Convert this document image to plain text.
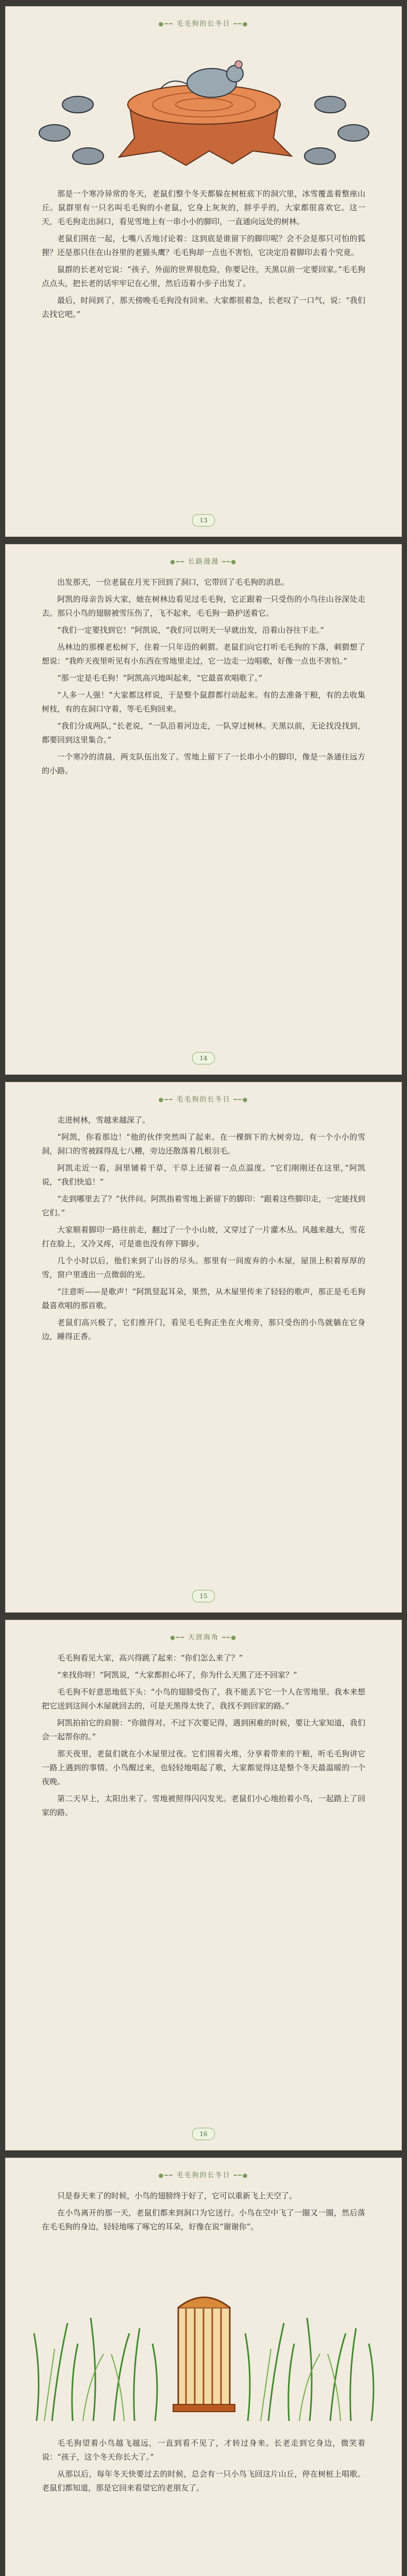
●━━ 毛毛狗的长冬日 ━━●

那是一个寒冷异常的冬天，老鼠们整个冬天都躲在树桩底下的洞穴里，冰雪覆盖着整座山丘。鼠群里有一只名叫毛毛狗的小老鼠，它身上灰灰的，胖乎乎的，大家都很喜欢它。这一天，毛毛狗走出洞口，看见雪地上有一串小小的脚印，一直通向远处的树林。

老鼠们围在一起，七嘴八舌地讨论着：这到底是谁留下的脚印呢？会不会是那只可怕的狐狸？还是那只住在山谷里的老猫头鹰？毛毛狗却一点也不害怕，它决定沿着脚印去看个究竟。

鼠群的长老对它说：“孩子，外面的世界很危险，你要记住，天黑以前一定要回家。”毛毛狗点点头，把长老的话牢牢记在心里，然后迈着小步子出发了。

最后，时间到了，那天傍晚毛毛狗没有回来。大家都很着急，长老叹了一口气，说：“我们去找它吧。”

13
●━━ 长路漫漫 ━━●

出发那天，一位老鼠在月光下回到了洞口，它带回了毛毛狗的消息。

阿凯的母亲告诉大家，她在树林边看见过毛毛狗，它正跟着一只受伤的小鸟往山谷深处走去。那只小鸟的翅膀被雪压伤了，飞不起来，毛毛狗一路护送着它。

“我们一定要找到它！”阿凯说，“我们可以明天一早就出发，沿着山谷往下走。”

丛林边的那棵老松树下，住着一只年迈的刺猬。老鼠们向它打听毛毛狗的下落，刺猬想了想说：“我昨天夜里听见有小东西在雪地里走过，它一边走一边唱歌，好像一点也不害怕。”

“那一定是毛毛狗！”阿凯高兴地叫起来，“它最喜欢唱歌了。”

“人多一人强！”大家都这样说，于是整个鼠群都行动起来。有的去准备干粮，有的去收集树枝，有的在洞口守着，等毛毛狗回来。

“我们分成两队，”长老说，“一队沿着河边走，一队穿过树林。天黑以前，无论找没找到，都要回到这里集合。”

一个寒冷的清晨，两支队伍出发了。雪地上留下了一长串小小的脚印，像是一条通往远方的小路。

14
●━━ 毛毛狗的长冬日 ━━●

走进树林，雪越来越深了。

“阿凯，你看那边！”他的伙伴突然叫了起来。在一棵倒下的大树旁边，有一个小小的雪洞，洞口的雪被踩得乱七八糟，旁边还散落着几根羽毛。

阿凯走近一看，洞里铺着干草，干草上还留着一点点温度。“它们刚刚还在这里，”阿凯说，“我们快追！”

“走到哪里去了？”伙伴问。阿凯指着雪地上新留下的脚印：“跟着这些脚印走，一定能找到它们。”

大家顺着脚印一路往前走，翻过了一个小山坡，又穿过了一片灌木丛。风越来越大，雪花打在脸上，又冷又疼，可是谁也没有停下脚步。

几个小时以后，他们来到了山谷的尽头。那里有一间废弃的小木屋，屋顶上积着厚厚的雪，窗户里透出一点微弱的光。

“注意听——是歌声！”阿凯竖起耳朵，果然，从木屋里传来了轻轻的歌声，那正是毛毛狗最喜欢唱的那首歌。

老鼠们高兴极了，它们推开门，看见毛毛狗正坐在火堆旁，那只受伤的小鸟就躺在它身边，睡得正香。

15
●━━ 天涯海角 ━━●

毛毛狗看见大家，高兴得跳了起来：“你们怎么来了？”

“来找你呀！”阿凯说，“大家都担心坏了，你为什么天黑了还不回家？”

毛毛狗不好意思地低下头：“小鸟的翅膀受伤了，我不能丢下它一个人在雪地里。我本来想把它送到这间小木屋就回去的，可是天黑得太快了，我找不到回家的路。”

阿凯拍拍它的肩膀：“你做得对。不过下次要记得，遇到困难的时候，要让大家知道，我们会一起帮你的。”

那天夜里，老鼠们就在小木屋里过夜。它们围着火堆，分享着带来的干粮，听毛毛狗讲它一路上遇到的事情。小鸟醒过来，也轻轻地唱起了歌，大家都觉得这是整个冬天最温暖的一个夜晚。

第二天早上，太阳出来了。雪地被照得闪闪发光。老鼠们小心地抬着小鸟，一起踏上了回家的路。

16
●━━ 毛毛狗的长冬日 ━━●

只是春天来了的时候，小鸟的翅膀终于好了，它可以重新飞上天空了。

在小鸟离开的那一天，老鼠们都来到洞口为它送行。小鸟在空中飞了一圈又一圈，然后落在毛毛狗的身边，轻轻地啄了啄它的耳朵，好像在说“谢谢你”。

毛毛狗望着小鸟越飞越远，一直到看不见了，才转过身来。长老走到它身边，微笑着说：“孩子，这个冬天你长大了。”

从那以后，每年冬天快要过去的时候，总会有一只小鸟飞回这片山丘，停在树桩上唱歌。老鼠们都知道，那是它回来看望它的老朋友了。
